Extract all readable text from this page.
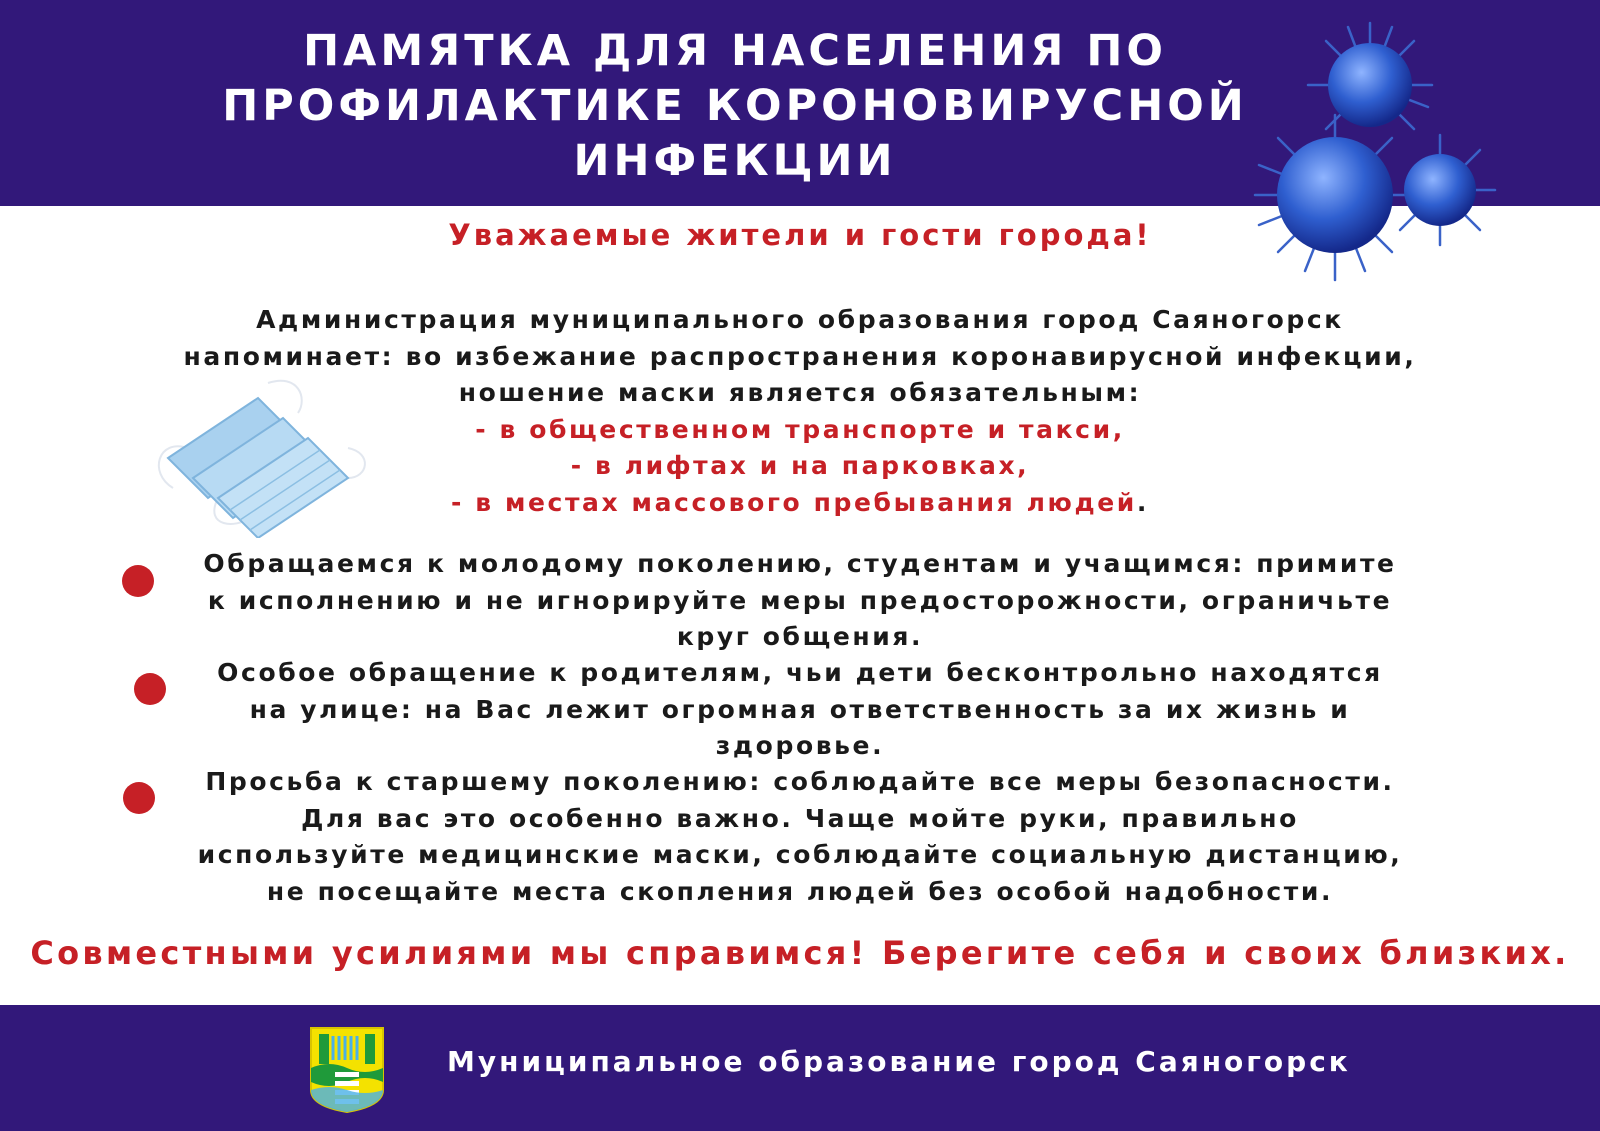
ПАМЯТКА ДЛЯ НАСЕЛЕНИЯ ПО
ПРОФИЛАКТИКЕ КОРОНОВИРУСНОЙ
ИНФЕКЦИИ
Уважаемые жители и гости города!
Администрация муниципального образования город Саяногорск
напоминает: во избежание распространения коронавирусной инфекции,
ношение маски является обязательным:
- в общественном транспорте и такси,
- в лифтах и на парковках,
- в местах массового пребывания людей.
Обращаемся к молодому поколению, студентам и учащимся: примите
к исполнению и не игнорируйте меры предосторожности, ограничьте
круг общения.
Особое обращение к родителям, чьи дети бесконтрольно находятся
на улице: на Вас лежит огромная ответственность за их жизнь и
здоровье.
Просьба к старшему поколению: соблюдайте все меры безопасности.
Для вас это особенно важно. Чаще мойте руки, правильно
используйте медицинские маски, соблюдайте социальную дистанцию,
не посещайте места скопления людей без особой надобности.
Совместными усилиями мы справимся! Берегите себя и своих близких.
Муниципальное образование город Саяногорск
